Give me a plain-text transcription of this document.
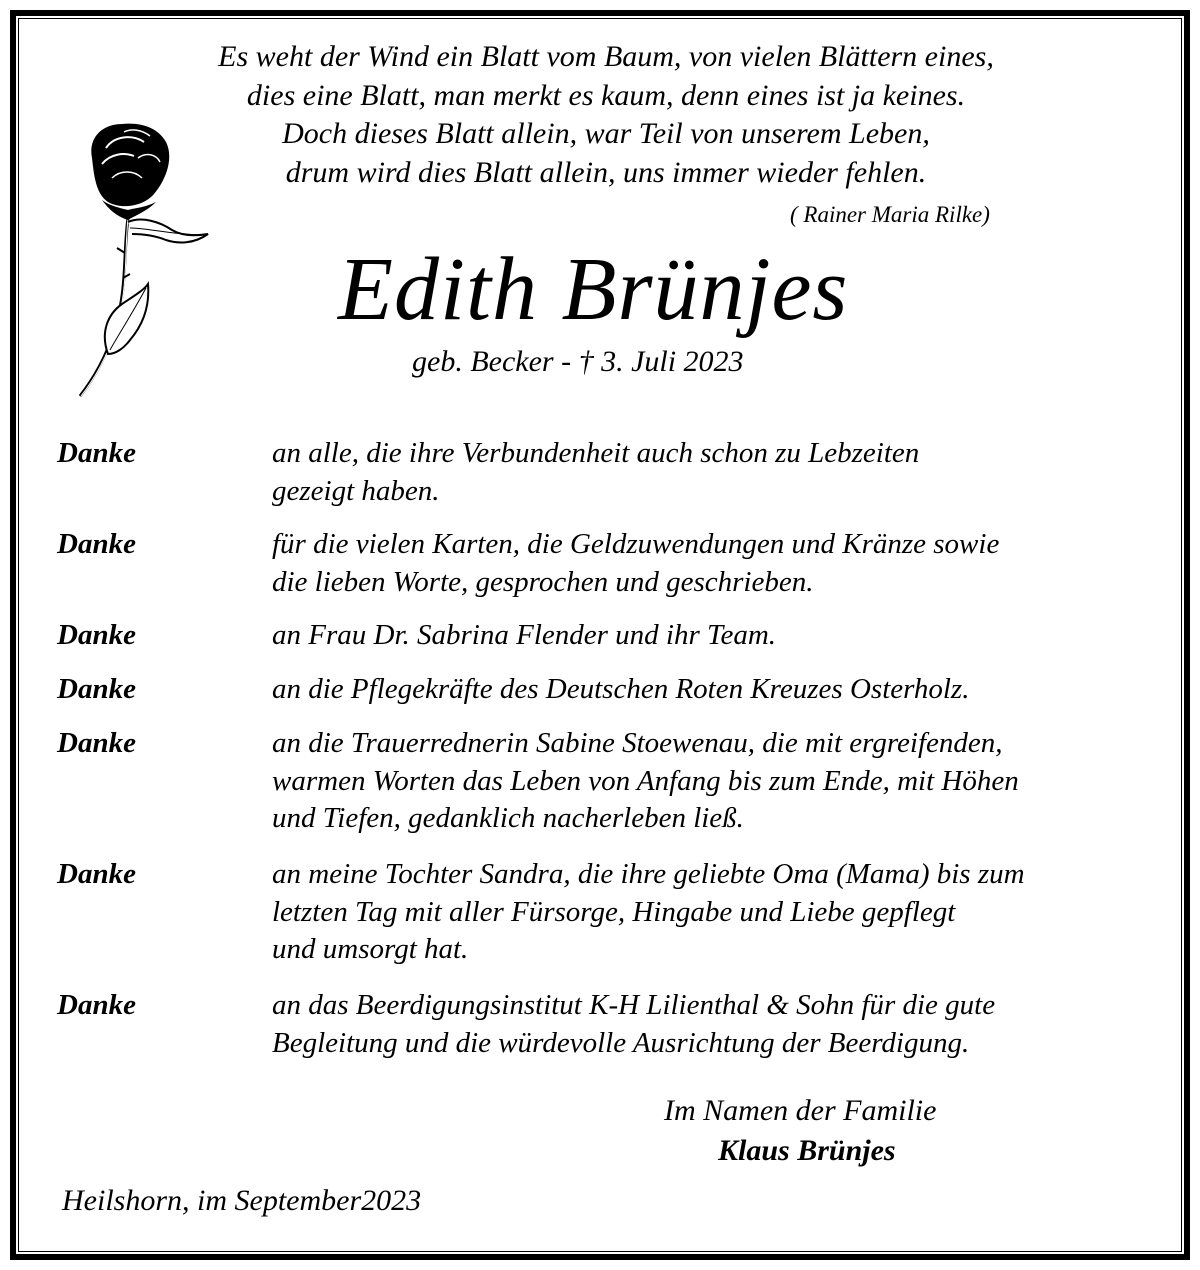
Es weht der Wind ein Blatt vom Baum, von vielen Blättern eines,
dies eine Blatt, man merkt es kaum, denn eines ist ja keines.
Doch dieses Blatt allein, war Teil von unserem Leben,
drum wird dies Blatt allein, uns immer wieder fehlen.
( Rainer Maria Rilke)
Edith Brünjes
geb. Becker - † 3. Juli 2023
Danke	an alle, die ihre Verbundenheit auch schon zu Lebzeiten
gezeigt haben.
Danke	für die vielen Karten, die Geldzuwendungen und Kränze sowie
die lieben Worte, gesprochen und geschrieben.
Danke	an Frau Dr. Sabrina Flender und ihr Team.
Danke	an die Pflegekräfte des Deutschen Roten Kreuzes Osterholz.
Danke	an die Trauerrednerin Sabine Stoewenau, die mit ergreifenden,
warmen Worten das Leben von Anfang bis zum Ende, mit Höhen
und Tiefen, gedanklich nacherleben ließ.
Danke	an meine Tochter Sandra, die ihre geliebte Oma (Mama) bis zum
letzten Tag mit aller Fürsorge, Hingabe und Liebe gepflegt
und umsorgt hat.
Danke	an das Beerdigungsinstitut K-H Lilienthal & Sohn für die gute
Begleitung und die würdevolle Ausrichtung der Beerdigung.
Im Namen der Familie
Klaus Brünjes
Heilshorn, im September2023
